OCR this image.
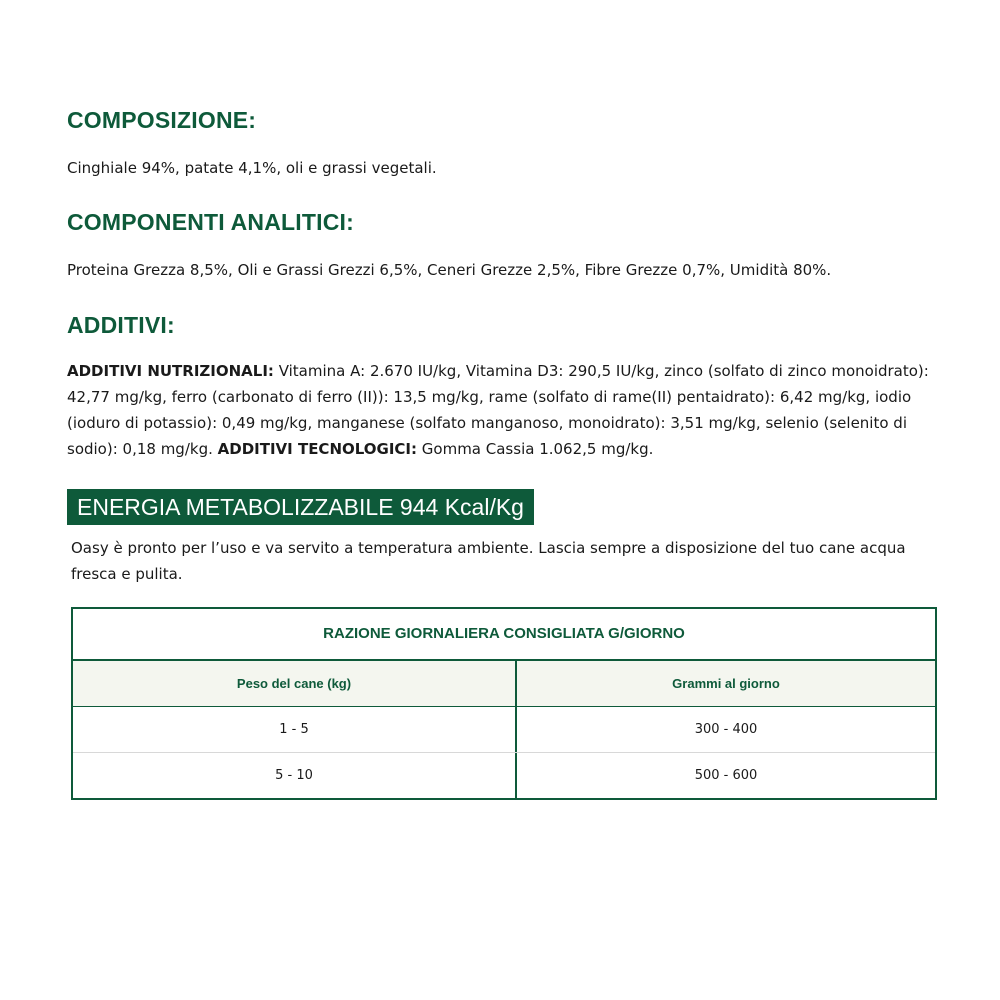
COMPOSIZIONE:

Cinghiale 94%, patate 4,1%, oli e grassi vegetali.

COMPONENTI ANALITICI:

Proteina Grezza 8,5%, Oli e Grassi Grezzi 6,5%, Ceneri Grezze 2,5%, Fibre Grezze 0,7%, Umidità 80%.

ADDITIVI:

ADDITIVI NUTRIZIONALI: Vitamina A: 2.670 IU/kg, Vitamina D3: 290,5 IU/kg, zinco (solfato di zinco monoidrato): 42,77 mg/kg, ferro (carbonato di ferro (II)): 13,5 mg/kg, rame (solfato di rame(II) pentaidrato): 6,42 mg/kg, iodio (ioduro di potassio): 0,49 mg/kg, manganese (solfato manganoso, monoidrato): 3,51 mg/kg, selenio (selenito di sodio): 0,18 mg/kg. ADDITIVI TECNOLOGICI: Gomma Cassia 1.062,5 mg/kg.

ENERGIA METABOLIZZABILE 944 Kcal/Kg

Oasy è pronto per l’uso e va servito a temperatura ambiente. Lascia sempre a disposizione del tuo cane acqua fresca e pulita.

RAZIONE GIORNALIERA CONSIGLIATA G/GIORNO
Peso del cane (kg)	Grammi al giorno
1 - 5	300 - 400
5 - 10	500 - 600
